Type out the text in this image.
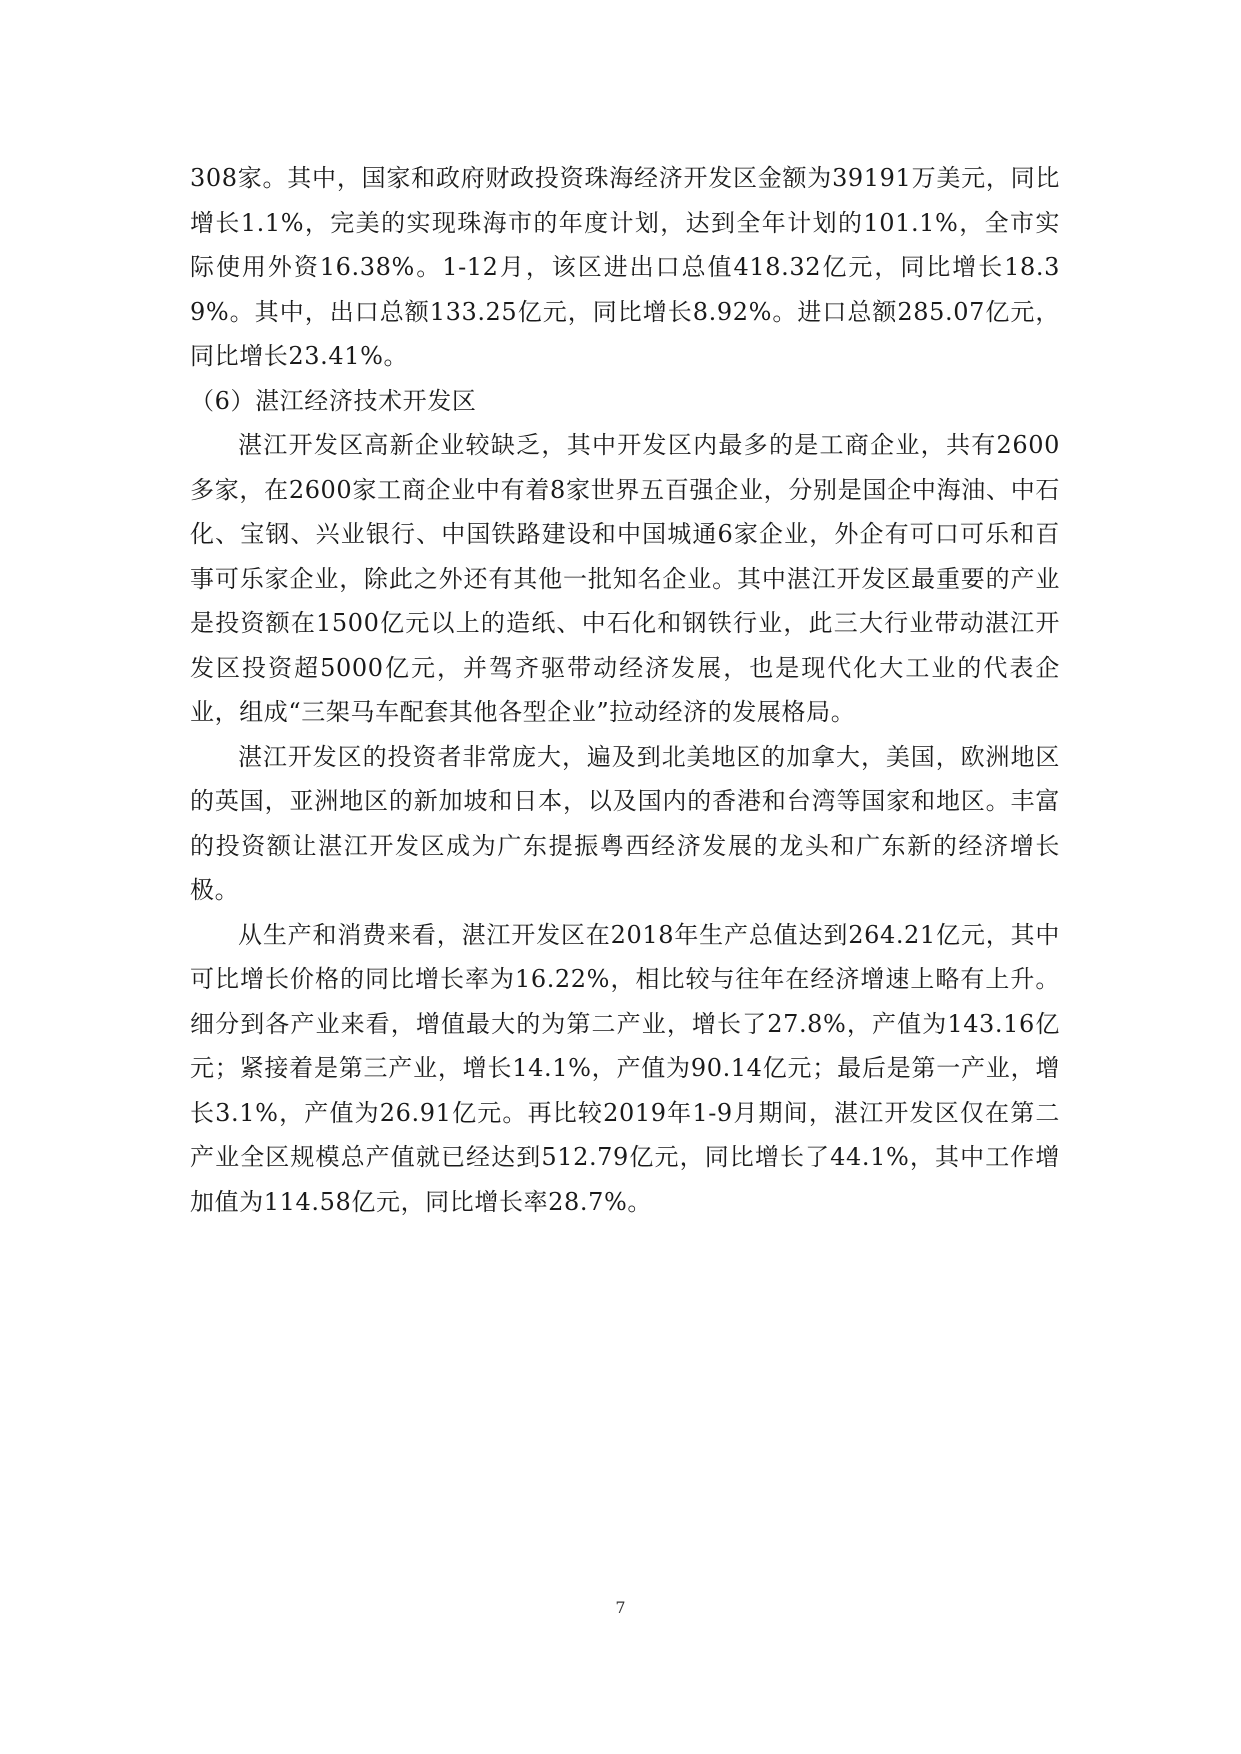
308家。其中，国家和政府财政投资珠海经济开发区金额为39191万美元，同比增长1.1%，完美的实现珠海市的年度计划，达到全年计划的101.1%，全市实际使用外资16.38%。1-12月，该区进出口总值418.32亿元，同比增长18.39%。其中，出口总额133.25亿元，同比增长8.92%。进口总额285.07亿元，同比增长23.41%。

（6）湛江经济技术开发区

湛江开发区高新企业较缺乏，其中开发区内最多的是工商企业，共有2600多家，在2600家工商企业中有着8家世界五百强企业，分别是国企中海油、中石化、宝钢、兴业银行、中国铁路建设和中国城通6家企业，外企有可口可乐和百事可乐家企业，除此之外还有其他一批知名企业。其中湛江开发区最重要的产业是投资额在1500亿元以上的造纸、中石化和钢铁行业，此三大行业带动湛江开发区投资超5000亿元，并驾齐驱带动经济发展，也是现代化大工业的代表企业，组成“三架马车配套其他各型企业”拉动经济的发展格局。

湛江开发区的投资者非常庞大，遍及到北美地区的加拿大，美国，欧洲地区的英国，亚洲地区的新加坡和日本，以及国内的香港和台湾等国家和地区。丰富的投资额让湛江开发区成为广东提振粤西经济发展的龙头和广东新的经济增长极。

从生产和消费来看，湛江开发区在2018年生产总值达到264.21亿元，其中可比增长价格的同比增长率为16.22%，相比较与往年在经济增速上略有上升。细分到各产业来看，增值最大的为第二产业，增长了27.8%，产值为143.16亿元；紧接着是第三产业，增长14.1%，产值为90.14亿元；最后是第一产业，增长3.1%，产值为26.91亿元。再比较2019年1-9月期间，湛江开发区仅在第二产业全区规模总产值就已经达到512.79亿元，同比增长了44.1%，其中工作增加值为114.58亿元，同比增长率28.7%。

7
